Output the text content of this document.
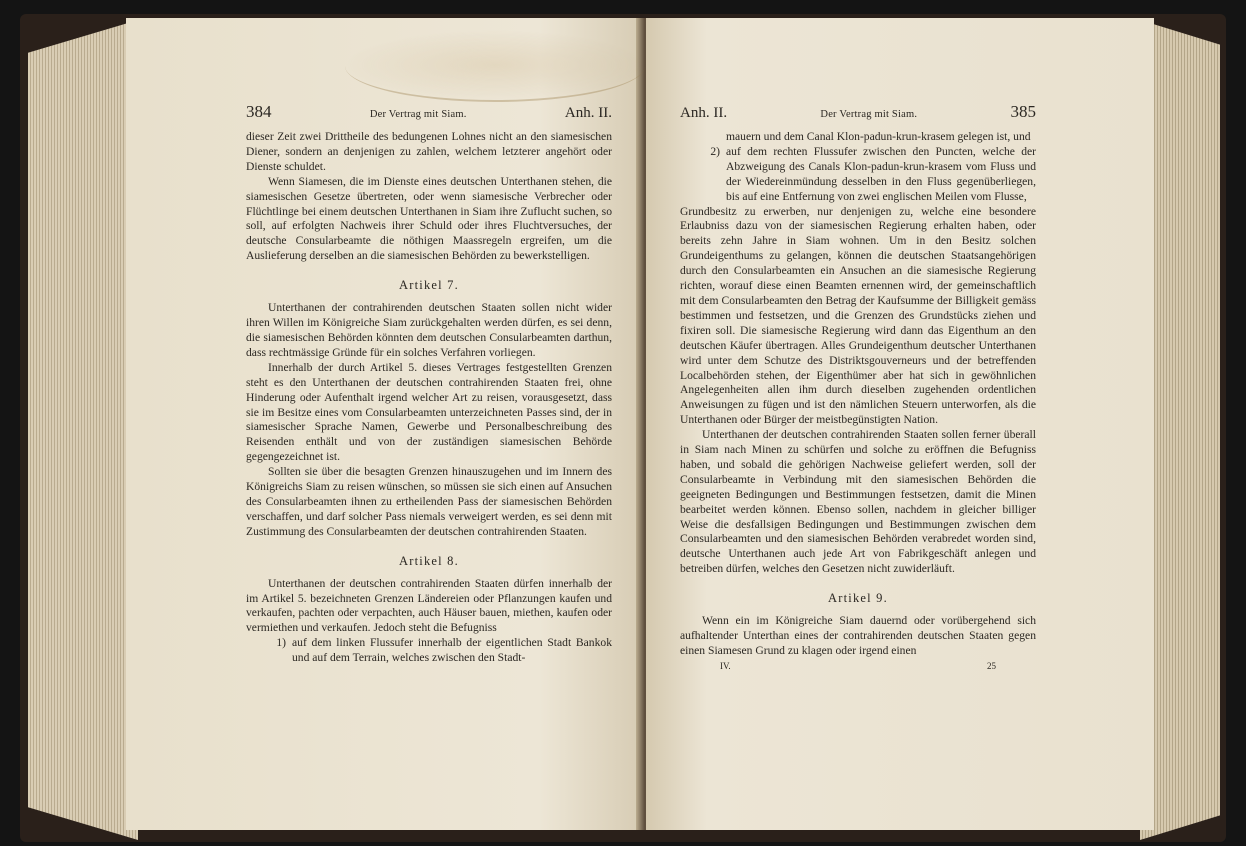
384	Der Vertrag mit Siam.	Anh. II.

dieser Zeit zwei Drittheile des bedungenen Lohnes nicht an den siamesischen Diener, sondern an denjenigen zu zahlen, welchem letzterer angehört oder Dienste schuldet.

Wenn Siamesen, die im Dienste eines deutschen Unterthanen stehen, die siamesischen Gesetze übertreten, oder wenn siamesische Verbrecher oder Flüchtlinge bei einem deutschen Unterthanen in Siam ihre Zuflucht suchen, so soll, auf erfolgten Nachweis ihrer Schuld oder ihres Fluchtversuches, der deutsche Consularbeamte die nöthigen Maassregeln ergreifen, um die Auslieferung derselben an die siamesischen Behörden zu bewerkstelligen.

Artikel 7.

Unterthanen der contrahirenden deutschen Staaten sollen nicht wider ihren Willen im Königreiche Siam zurückgehalten werden dürfen, es sei denn, die siamesischen Behörden könnten dem deutschen Consularbeamten darthun, dass rechtmässige Gründe für ein solches Verfahren vorliegen.

Innerhalb der durch Artikel 5. dieses Vertrages festgestellten Grenzen steht es den Unterthanen der deutschen contrahirenden Staaten frei, ohne Hinderung oder Aufenthalt irgend welcher Art zu reisen, vorausgesetzt, dass sie im Besitze eines vom Consularbeamten unterzeichneten Passes sind, der in siamesischer Sprache Namen, Gewerbe und Personalbeschreibung des Reisenden enthält und von der zuständigen siamesischen Behörde gegengezeichnet ist.

Sollten sie über die besagten Grenzen hinauszugehen und im Innern des Königreichs Siam zu reisen wünschen, so müssen sie sich einen auf Ansuchen des Consularbeamten ihnen zu ertheilenden Pass der siamesischen Behörden verschaffen, und darf solcher Pass niemals verweigert werden, es sei denn mit Zustimmung des Consularbeamten der deutschen contrahirenden Staaten.

Artikel 8.

Unterthanen der deutschen contrahirenden Staaten dürfen innerhalb der im Artikel 5. bezeichneten Grenzen Ländereien oder Pflanzungen kaufen und verkaufen, pachten oder verpachten, auch Häuser bauen, miethen, kaufen oder vermiethen und verkaufen. Jedoch steht die Befugniss

1) auf dem linken Flussufer innerhalb der eigentlichen Stadt Bankok und auf dem Terrain, welches zwischen den Stadt-
Anh. II.	Der Vertrag mit Siam.	385
mauern und dem Canal Klon-padun-krun-krasem gelegen ist, und
2) auf dem rechten Flussufer zwischen den Puncten, welche der Abzweigung des Canals Klon-padun-krun-krasem vom Fluss und der Wiedereinmündung desselben in den Fluss gegenüberliegen, bis auf eine Entfernung von zwei englischen Meilen vom Flusse,

Grundbesitz zu erwerben, nur denjenigen zu, welche eine besondere Erlaubniss dazu von der siamesischen Regierung erhalten haben, oder bereits zehn Jahre in Siam wohnen. Um in den Besitz solchen Grundeigenthums zu gelangen, können die deutschen Staatsangehörigen durch den Consularbeamten ein Ansuchen an die siamesische Regierung richten, worauf diese einen Beamten ernennen wird, der gemeinschaftlich mit dem Consularbeamten den Betrag der Kaufsumme der Billigkeit gemäss bestimmen und festsetzen, und die Grenzen des Grundstücks ziehen und fixiren soll. Die siamesische Regierung wird dann das Eigenthum an den deutschen Käufer übertragen. Alles Grundeigenthum deutscher Unterthanen wird unter dem Schutze des Distriktsgouverneurs und der betreffenden Localbehörden stehen, der Eigenthümer aber hat sich in gewöhnlichen Angelegenheiten allen ihm durch dieselben zugehenden ordentlichen Anweisungen zu fügen und ist den nämlichen Steuern unterworfen, als die Unterthanen oder Bürger der meistbegünstigten Nation.

Unterthanen der deutschen contrahirenden Staaten sollen ferner überall in Siam nach Minen zu schürfen und solche zu eröffnen die Befugniss haben, und sobald die gehörigen Nachweise geliefert werden, soll der Consularbeamte in Verbindung mit den siamesischen Behörden die geeigneten Bedingungen und Bestimmungen festsetzen, damit die Minen bearbeitet werden können. Ebenso sollen, nachdem in gleicher billiger Weise die desfallsigen Bedingungen und Bestimmungen zwischen dem Consularbeamten und den siamesischen Behörden verabredet worden sind, deutsche Unterthanen auch jede Art von Fabrikgeschäft anlegen und betreiben dürfen, welches den Gesetzen nicht zuwiderläuft.

Artikel 9.

Wenn ein im Königreiche Siam dauernd oder vorübergehend sich aufhaltender Unterthan eines der contrahirenden deutschen Staaten gegen einen Siamesen Grund zu klagen oder irgend einen

IV.	25
